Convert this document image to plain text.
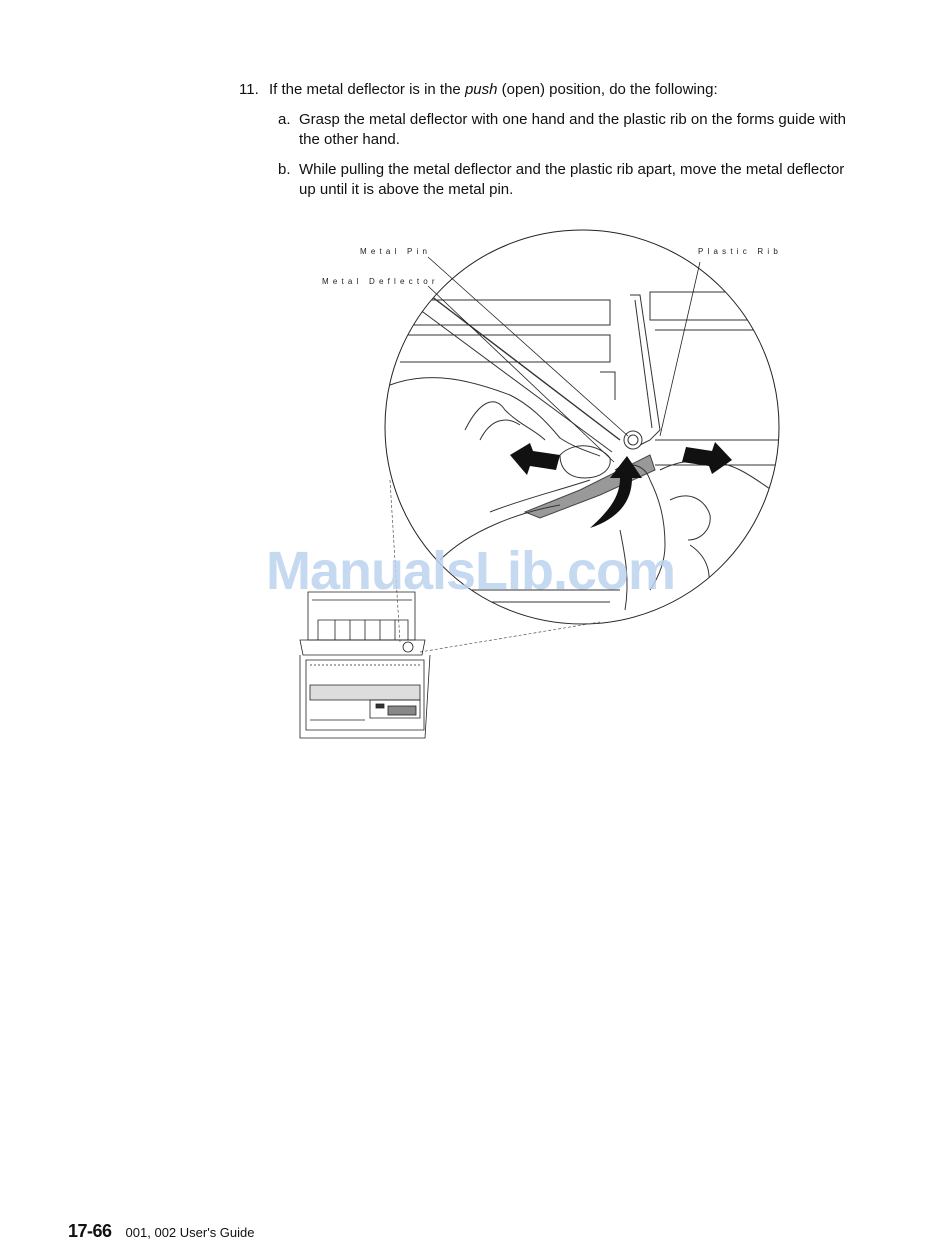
11. If the metal deflector is in the push (open) position, do the following:
a. Grasp the metal deflector with one hand and the plastic rib on the forms guide with the other hand.
b. While pulling the metal deflector and the plastic rib apart, move the metal deflector up until it is above the metal pin.
Metal Pin	Plastic Rib
Metal Deflector
ManualsLib.com
17-66 001, 002 User's Guide
